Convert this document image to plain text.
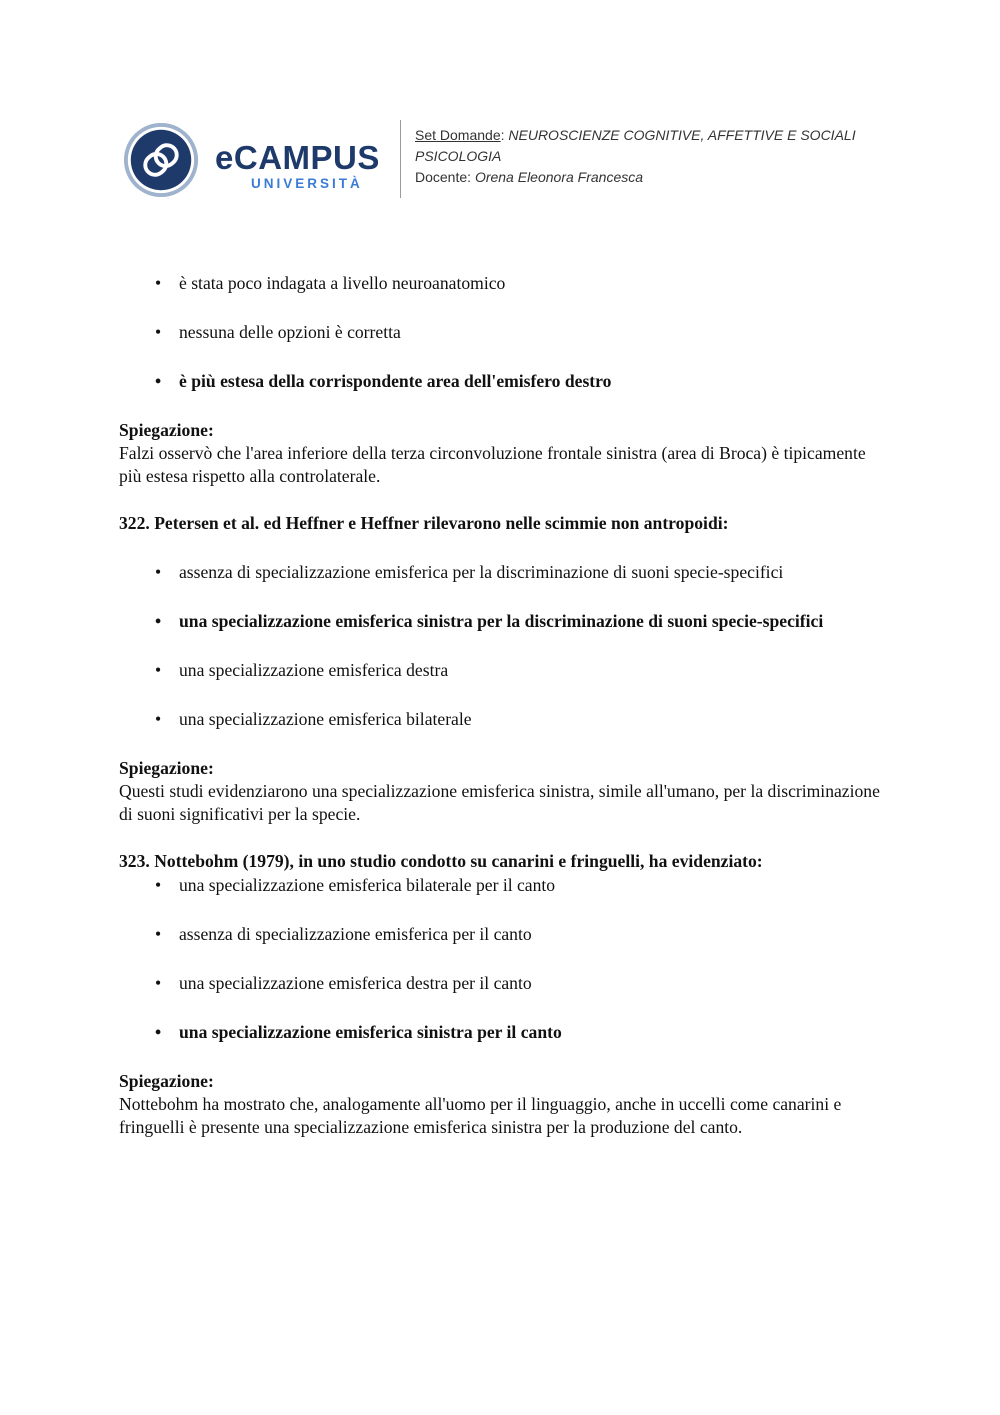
eCAMPUS
UNIVERSITÀ
Set Domande: NEUROSCIENZE COGNITIVE, AFFETTIVE E SOCIALI
PSICOLOGIA
Docente: Orena Eleonora Francesca
• è stata poco indagata a livello neuroanatomico
• nessuna delle opzioni è corretta
• è più estesa della corrispondente area dell'emisfero destro

Spiegazione:

Falzi osservò che l'area inferiore della terza circonvoluzione frontale sinistra (area di Broca) è tipicamente più estesa rispetto alla controlaterale.

322. Petersen et al. ed Heffner e Heffner rilevarono nelle scimmie non antropoidi:

• assenza di specializzazione emisferica per la discriminazione di suoni specie-specifici
• una specializzazione emisferica sinistra per la discriminazione di suoni specie-specifici
• una specializzazione emisferica destra
• una specializzazione emisferica bilaterale

Spiegazione:

Questi studi evidenziarono una specializzazione emisferica sinistra, simile all'umano, per la discriminazione di suoni significativi per la specie.

323. Nottebohm (1979), in uno studio condotto su canarini e fringuelli, ha evidenziato:

• una specializzazione emisferica bilaterale per il canto
• assenza di specializzazione emisferica per il canto
• una specializzazione emisferica destra per il canto
• una specializzazione emisferica sinistra per il canto

Spiegazione:

Nottebohm ha mostrato che, analogamente all'uomo per il linguaggio, anche in uccelli come canarini e fringuelli è presente una specializzazione emisferica sinistra per la produzione del canto.
